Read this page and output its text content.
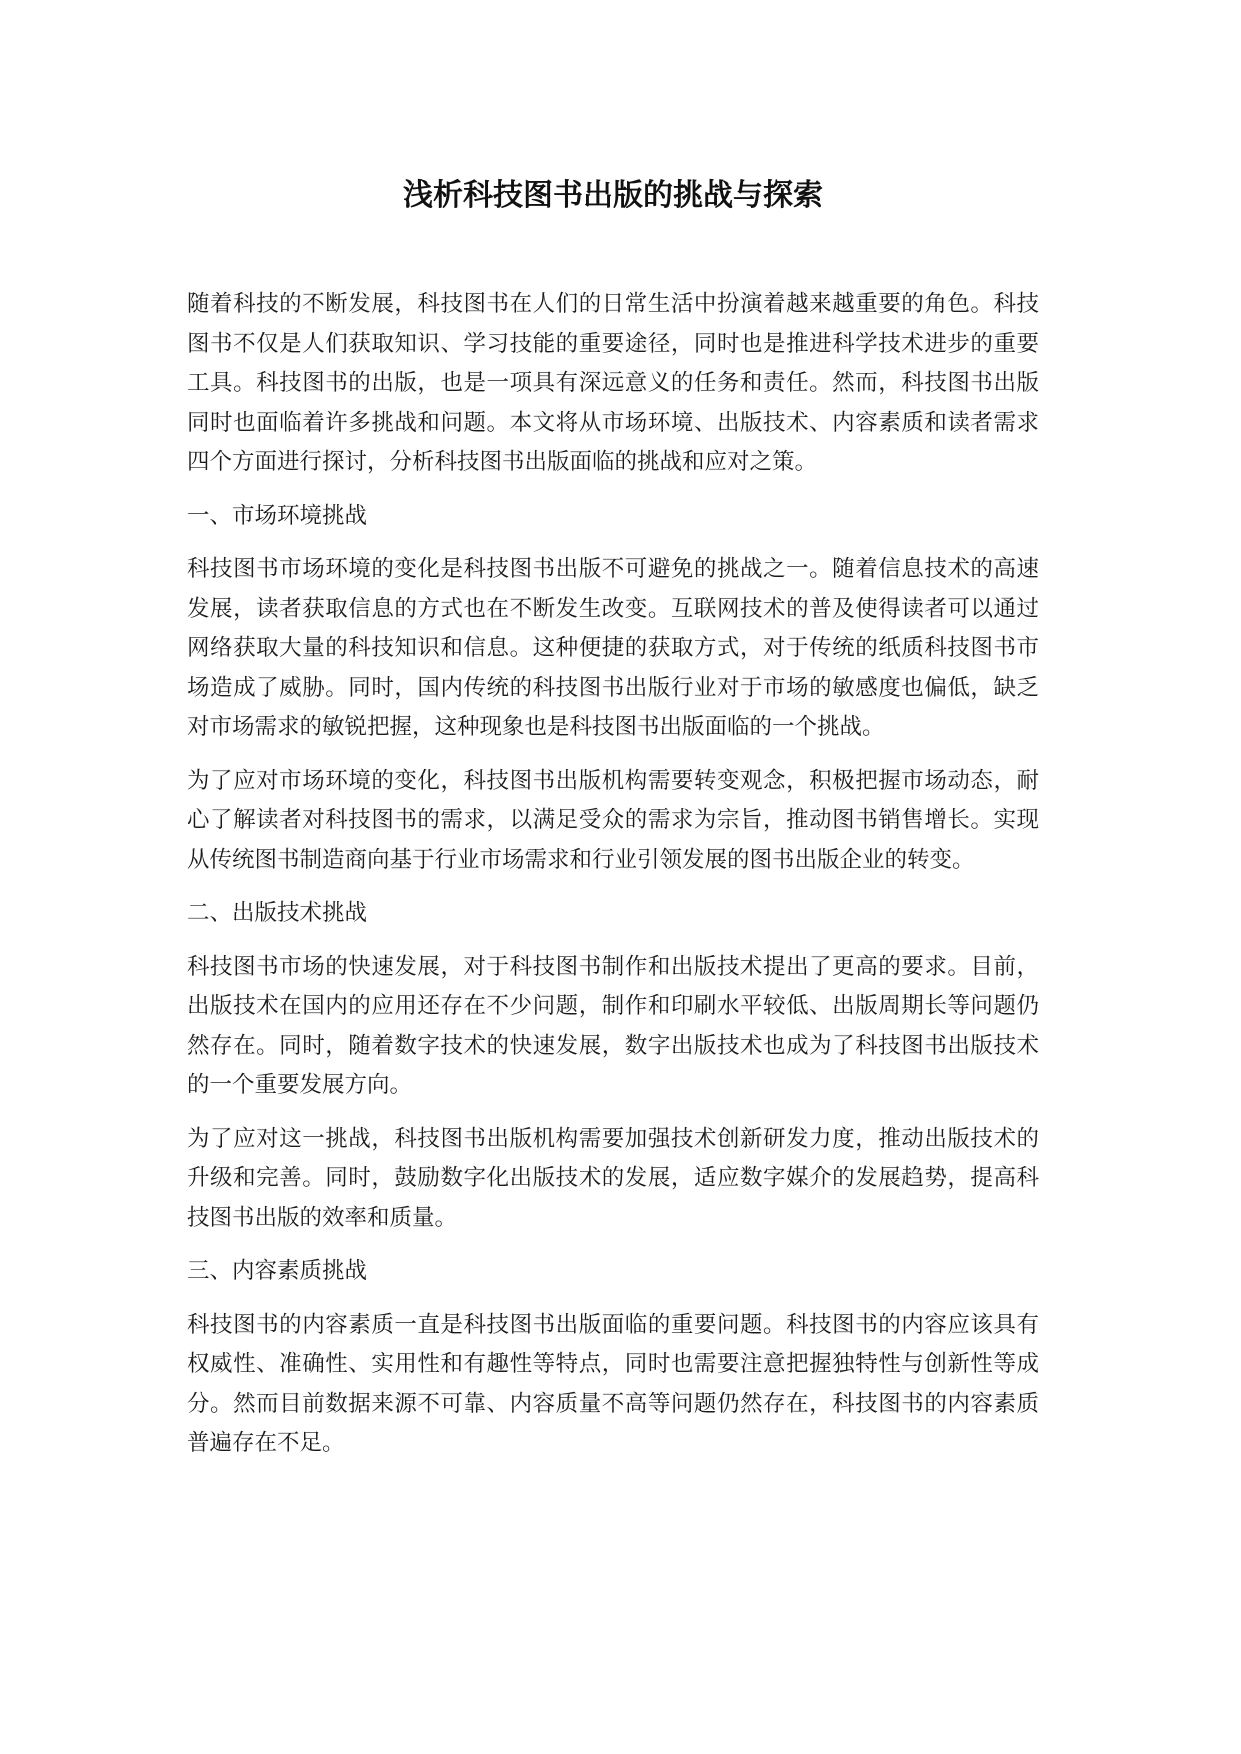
浅析科技图书出版的挑战与探索

随着科技的不断发展，科技图书在人们的日常生活中扮演着越来越重要的角色。科技图书不仅是人们获取知识、学习技能的重要途径，同时也是推进科学技术进步的重要工具。科技图书的出版，也是一项具有深远意义的任务和责任。然而，科技图书出版同时也面临着许多挑战和问题。本文将从市场环境、出版技术、内容素质和读者需求四个方面进行探讨，分析科技图书出版面临的挑战和应对之策。

一、市场环境挑战

科技图书市场环境的变化是科技图书出版不可避免的挑战之一。随着信息技术的高速发展，读者获取信息的方式也在不断发生改变。互联网技术的普及使得读者可以通过网络获取大量的科技知识和信息。这种便捷的获取方式，对于传统的纸质科技图书市场造成了威胁。同时，国内传统的科技图书出版行业对于市场的敏感度也偏低，缺乏对市场需求的敏锐把握，这种现象也是科技图书出版面临的一个挑战。

为了应对市场环境的变化，科技图书出版机构需要转变观念，积极把握市场动态，耐心了解读者对科技图书的需求，以满足受众的需求为宗旨，推动图书销售增长。实现从传统图书制造商向基于行业市场需求和行业引领发展的图书出版企业的转变。

二、出版技术挑战

科技图书市场的快速发展，对于科技图书制作和出版技术提出了更高的要求。目前，出版技术在国内的应用还存在不少问题，制作和印刷水平较低、出版周期长等问题仍然存在。同时，随着数字技术的快速发展，数字出版技术也成为了科技图书出版技术的一个重要发展方向。

为了应对这一挑战，科技图书出版机构需要加强技术创新研发力度，推动出版技术的升级和完善。同时，鼓励数字化出版技术的发展，适应数字媒介的发展趋势，提高科技图书出版的效率和质量。

三、内容素质挑战

科技图书的内容素质一直是科技图书出版面临的重要问题。科技图书的内容应该具有权威性、准确性、实用性和有趣性等特点，同时也需要注意把握独特性与创新性等成分。然而目前数据来源不可靠、内容质量不高等问题仍然存在，科技图书的内容素质普遍存在不足。
